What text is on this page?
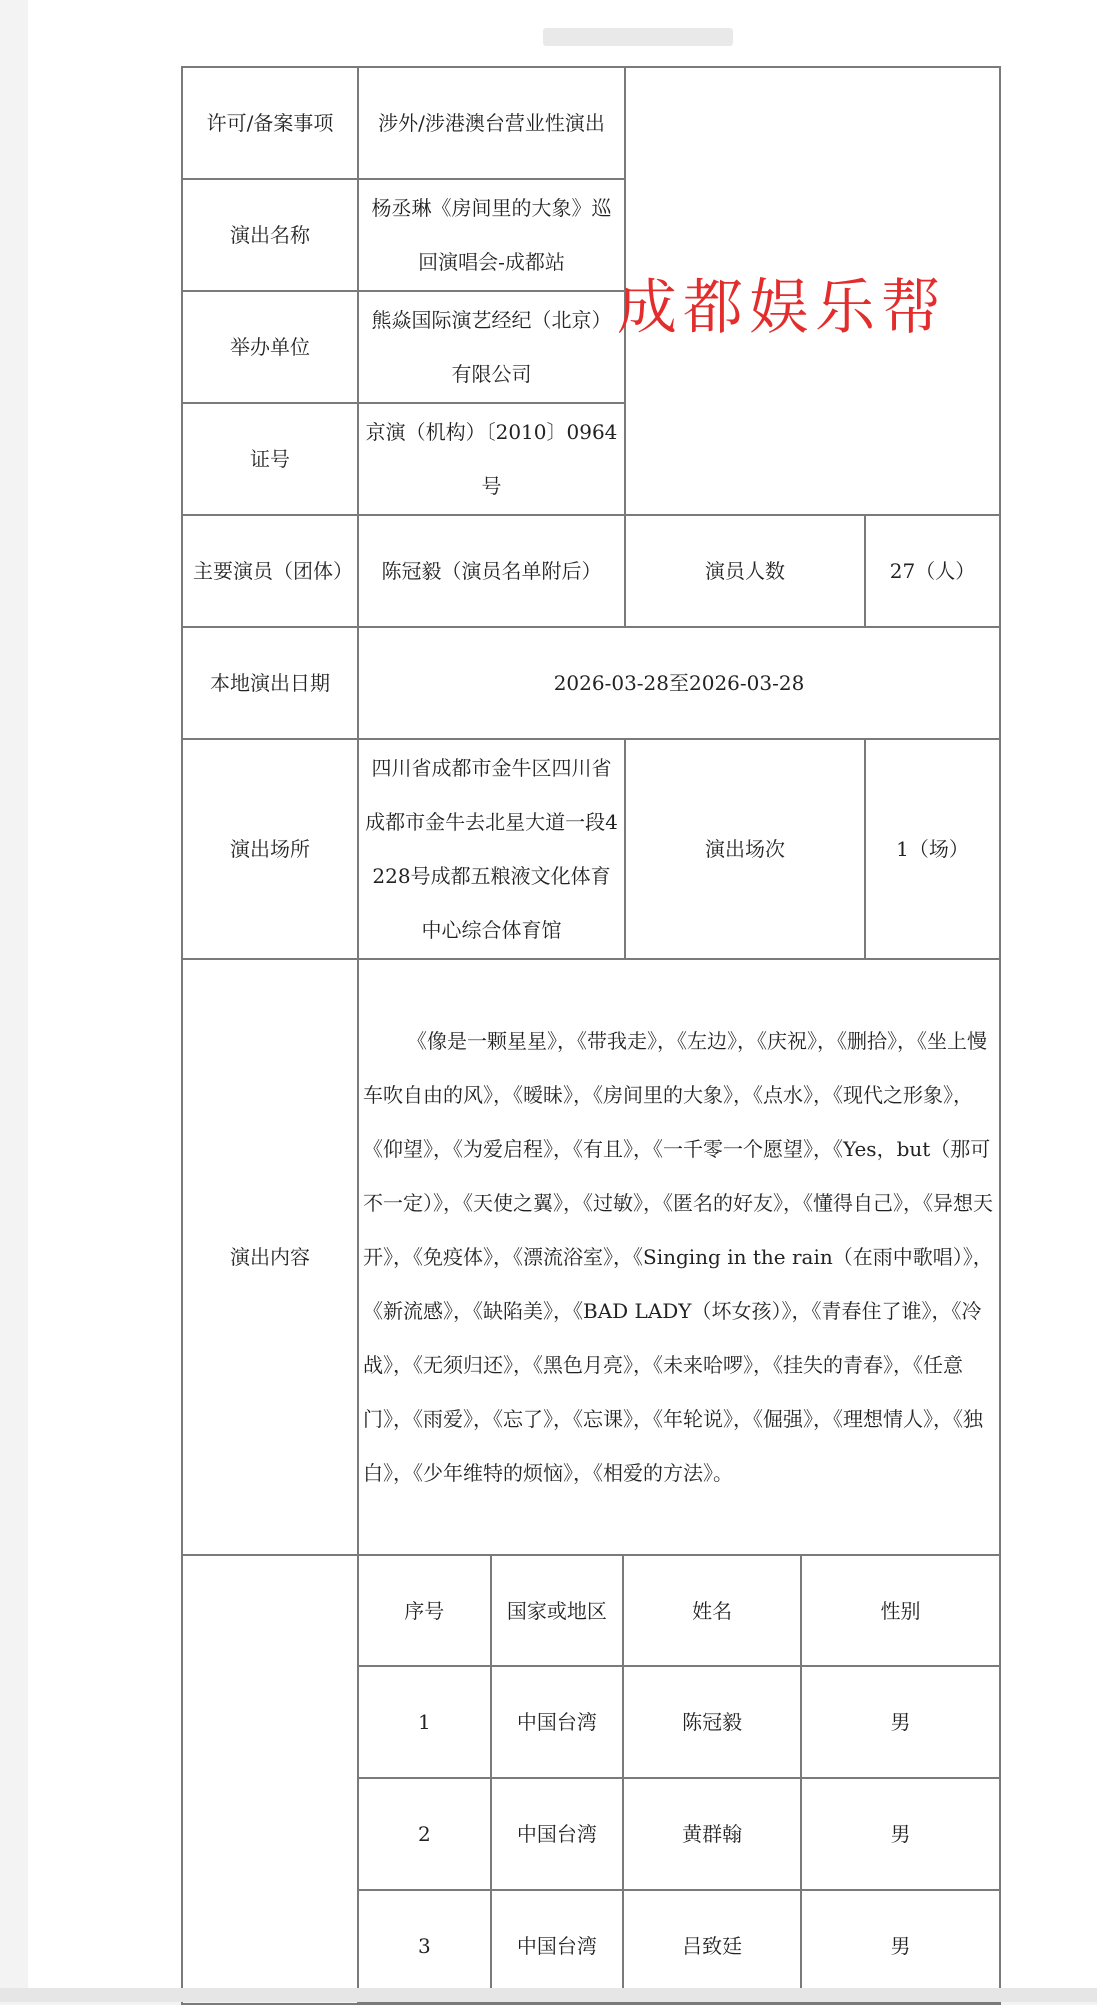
许可/备案事项	涉外/涉港澳台营业性演出	
演出名称	杨丞琳《房间里的大象》巡回演唱会-成都站
举办单位	熊焱国际演艺经纪（北京）有限公司
证号	京演（机构）〔2010〕0964号
主要演员（团体）	陈冠毅（演员名单附后）	演员人数	27（人）
本地演出日期	2026-03-28至2026-03-28
演出场所	四川省成都市金牛区四川省成都市金牛去北星大道一段4228号成都五粮液文化体育中心综合体育馆	演出场次	1（场）
演出内容	《像是一颗星星》，《带我走》，《左边》，《庆祝》，《删拾》，《坐上慢车吹自由的风》，《暧昧》，《房间里的大象》，《点水》，《现代之形象》，《仰望》，《为爱启程》，《有且》，《一千零一个愿望》，《Yes，but（那可不一定）》，《天使之翼》，《过敏》，《匿名的好友》，《懂得自己》，《异想天开》，《免疫体》，《漂流浴室》，《Singing in the rain（在雨中歌唱）》，《新流感》，《缺陷美》，《BAD LADY（坏女孩）》，《青春住了谁》，《冷战》，《无须归还》，《黑色月亮》，《未来哈啰》，《挂失的青春》，《任意门》，《雨爱》，《忘了》，《忘课》，《年轮说》，《倔强》，《理想情人》，《独白》，《少年维特的烦恼》，《相爱的方法》。

序号	国家或地区	姓名	性别
1	中国台湾	陈冠毅	男
2	中国台湾	黄群翰	男
3	中国台湾	吕致廷	男
成都娱乐帮
